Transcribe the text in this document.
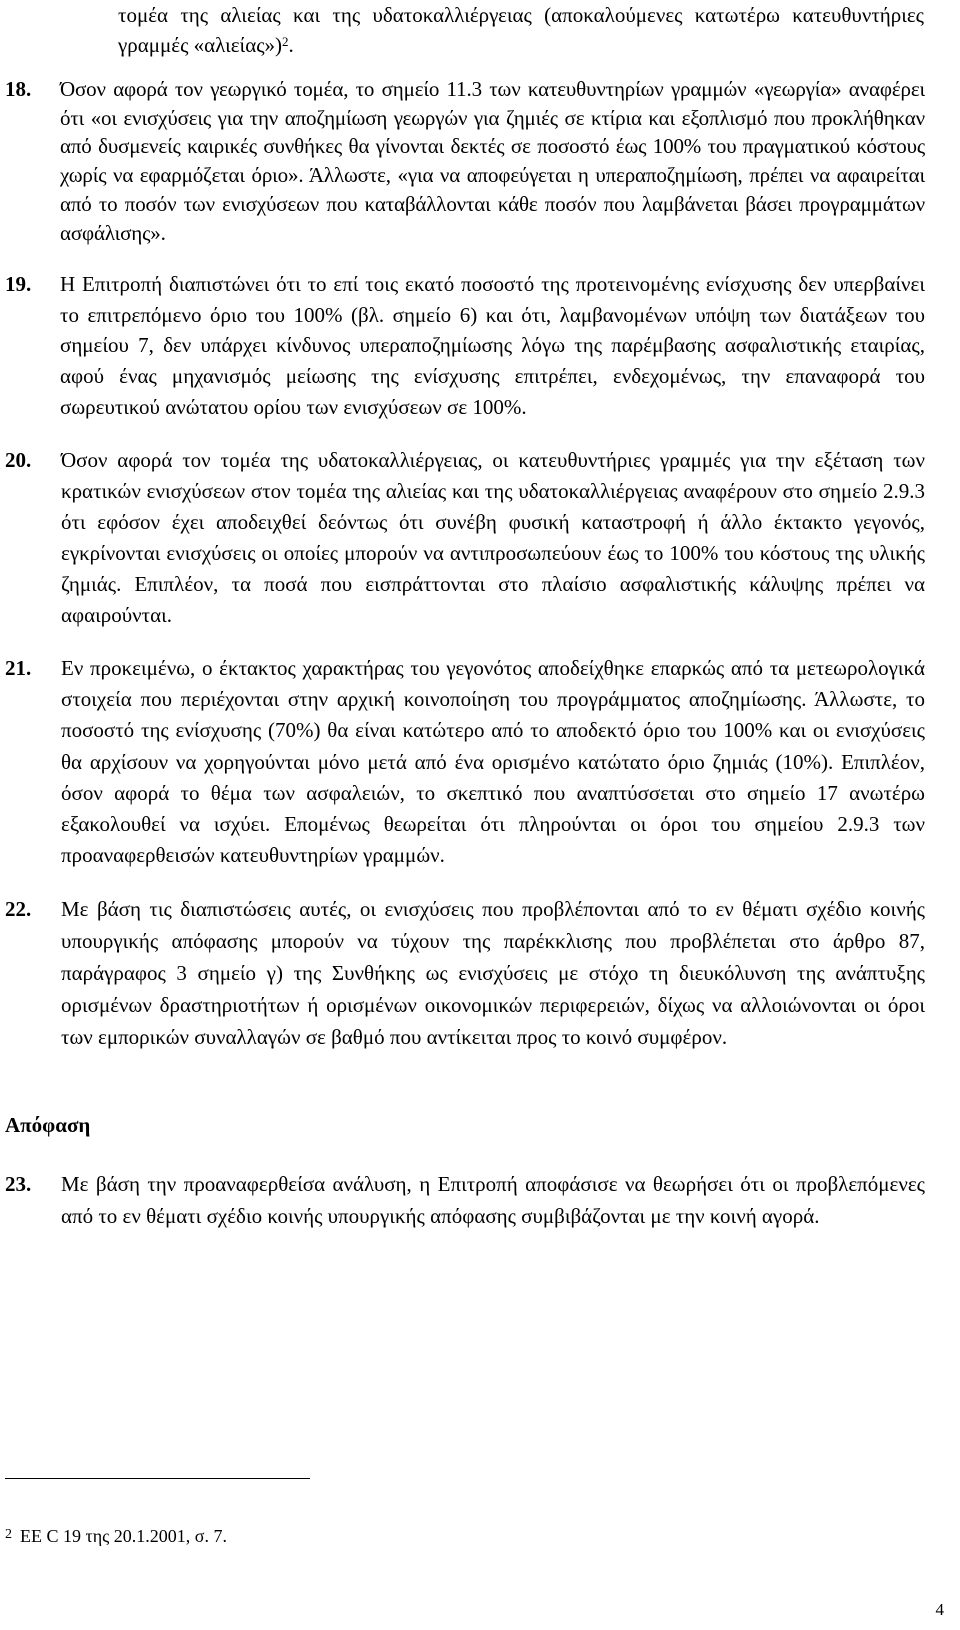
τομέα της αλιείας και της υδατοκαλλιέργειας (αποκαλούμενες κατωτέρω κατευθυντήριες γραμμές «αλιείας»)$^2$.
18. Όσον αφορά τον γεωργικό τομέα, το σημείο 11.3 των κατευθυντηρίων γραμμών «γεωργία» αναφέρει ότι «οι ενισχύσεις για την αποζημίωση γεωργών για ζημιές σε κτίρια και εξοπλισμό που προκλήθηκαν από δυσμενείς καιρικές συνθήκες θα γίνονται δεκτές σε ποσοστό έως 100% του πραγματικού κόστους χωρίς να εφαρμόζεται όριο». Άλλωστε, «για να αποφεύγεται η υπεραποζημίωση, πρέπει να αφαιρείται από το ποσόν των ενισχύσεων που καταβάλλονται κάθε ποσόν που λαμβάνεται βάσει προγραμμάτων ασφάλισης».
19. Η Επιτροπή διαπιστώνει ότι το επί τοις εκατό ποσοστό της προτεινομένης ενίσχυσης δεν υπερβαίνει το επιτρεπόμενο όριο του 100% (βλ. σημείο 6) και ότι, λαμβανομένων υπόψη των διατάξεων του σημείου 7, δεν υπάρχει κίνδυνος υπεραποζημίωσης λόγω της παρέμβασης ασφαλιστικής εταιρίας, αφού ένας μηχανισμός μείωσης της ενίσχυσης επιτρέπει, ενδεχομένως, την επαναφορά του σωρευτικού ανώτατου ορίου των ενισχύσεων σε 100%.
20. Όσον αφορά τον τομέα της υδατοκαλλιέργειας, οι κατευθυντήριες γραμμές για την εξέταση των κρατικών ενισχύσεων στον τομέα της αλιείας και της υδατοκαλλιέργειας αναφέρουν στο σημείο 2.9.3 ότι εφόσον έχει αποδειχθεί δεόντως ότι συνέβη φυσική καταστροφή ή άλλο έκτακτο γεγονός, εγκρίνονται ενισχύσεις οι οποίες μπορούν να αντιπροσωπεύουν έως το 100% του κόστους της υλικής ζημιάς. Επιπλέον, τα ποσά που εισπράττονται στο πλαίσιο ασφαλιστικής κάλυψης πρέπει να αφαιρούνται.
21. Εν προκειμένω, ο έκτακτος χαρακτήρας του γεγονότος αποδείχθηκε επαρκώς από τα μετεωρολογικά στοιχεία που περιέχονται στην αρχική κοινοποίηση του προγράμματος αποζημίωσης. Άλλωστε, το ποσοστό της ενίσχυσης (70%) θα είναι κατώτερο από το αποδεκτό όριο του 100% και οι ενισχύσεις θα αρχίσουν να χορηγούνται μόνο μετά από ένα ορισμένο κατώτατο όριο ζημιάς (10%). Επιπλέον, όσον αφορά το θέμα των ασφαλειών, το σκεπτικό που αναπτύσσεται στο σημείο 17 ανωτέρω εξακολουθεί να ισχύει. Επομένως θεωρείται ότι πληρούνται οι όροι του σημείου 2.9.3 των προαναφερθεισών κατευθυντηρίων γραμμών.
22. Με βάση τις διαπιστώσεις αυτές, οι ενισχύσεις που προβλέπονται από το εν θέματι σχέδιο κοινής υπουργικής απόφασης μπορούν να τύχουν της παρέκκλισης που προβλέπεται στο άρθρο 87, παράγραφος 3 σημείο γ) της Συνθήκης ως ενισχύσεις με στόχο τη διευκόλυνση της ανάπτυξης ορισμένων δραστηριοτήτων ή ορισμένων οικονομικών περιφερειών, δίχως να αλλοιώνονται οι όροι των εμπορικών συναλλαγών σε βαθμό που αντίκειται προς το κοινό συμφέρον.
Απόφαση
23. Με βάση την προαναφερθείσα ανάλυση, η Επιτροπή αποφάσισε να θεωρήσει ότι οι προβλεπόμενες από το εν θέματι σχέδιο κοινής υπουργικής απόφασης συμβιβάζονται με την κοινή αγορά.
$^2$ ΕΕ C 19 της 20.1.2001, σ. 7.
4
